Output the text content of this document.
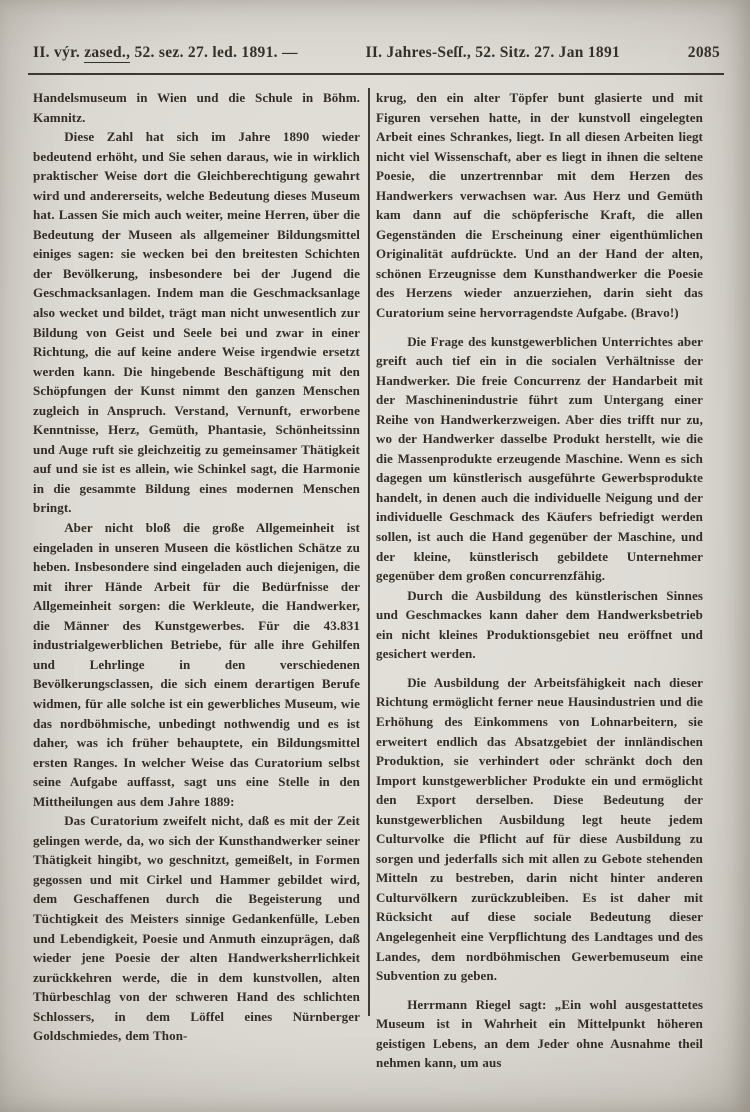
II. výr. zased., 52. sez. 27. led. 1891. —	II. Jahres-Seſſ., 52. Sitz. 27. Jan 1891	2085

Handelsmuseum in Wien und die Schule in Böhm. Kamnitz.

Diese Zahl hat sich im Jahre 1890 wieder bedeutend erhöht, und Sie sehen daraus, wie in wirklich praktischer Weise dort die Gleichberechtigung gewahrt wird und andererseits, welche Bedeutung dieses Museum hat. Lassen Sie mich auch weiter, meine Herren, über die Bedeutung der Museen als allgemeiner Bildungsmittel einiges sagen: sie wecken bei den breitesten Schichten der Bevölkerung, insbesondere bei der Jugend die Geschmacksanlagen. Indem man die Geschmacksanlage also wecket und bildet, trägt man nicht unwesentlich zur Bildung von Geist und Seele bei und zwar in einer Richtung, die auf keine andere Weise irgendwie ersetzt werden kann. Die hingebende Beschäftigung mit den Schöpfungen der Kunst nimmt den ganzen Menschen zugleich in Anspruch. Verstand, Vernunft, erworbene Kenntnisse, Herz, Gemüth, Phantasie, Schönheitssinn und Auge ruft sie gleichzeitig zu gemeinsamer Thätigkeit auf und sie ist es allein, wie Schinkel sagt, die Harmonie in die gesammte Bildung eines modernen Menschen bringt.

Aber nicht bloß die große Allgemeinheit ist eingeladen in unseren Museen die köstlichen Schätze zu heben. Insbesondere sind eingeladen auch diejenigen, die mit ihrer Hände Arbeit für die Bedürfnisse der Allgemeinheit sorgen: die Werkleute, die Handwerker, die Männer des Kunstgewerbes. Für die 43.831 industrialgewerblichen Betriebe, für alle ihre Gehilfen und Lehrlinge in den verschiedenen Bevölkerungsclassen, die sich einem derartigen Berufe widmen, für alle solche ist ein gewerbliches Museum, wie das nordböhmische, unbedingt nothwendig und es ist daher, was ich früher behauptete, ein Bildungsmittel ersten Ranges. In welcher Weise das Curatorium selbst seine Aufgabe auffasst, sagt uns eine Stelle in den Mittheilungen aus dem Jahre 1889:

Das Curatorium zweifelt nicht, daß es mit der Zeit gelingen werde, da, wo sich der Kunsthandwerker seiner Thätigkeit hingibt, wo geschnitzt, gemeißelt, in Formen gegossen und mit Cirkel und Hammer gebildet wird, dem Geschaffenen durch die Begeisterung und Tüchtigkeit des Meisters sinnige Gedankenfülle, Leben und Lebendigkeit, Poesie und Anmuth einzuprägen, daß wieder jene Poesie der alten Handwerksherrlichkeit zurückkehren werde, die in dem kunstvollen, alten Thürbeschlag von der schweren Hand des schlichten Schlossers, in dem Löffel eines Nürnberger Goldschmiedes, dem Thon-

krug, den ein alter Töpfer bunt glasierte und mit Figuren versehen hatte, in der kunstvoll eingelegten Arbeit eines Schrankes, liegt. In all diesen Arbeiten liegt nicht viel Wissenschaft, aber es liegt in ihnen die seltene Poesie, die unzertrennbar mit dem Herzen des Handwerkers verwachsen war. Aus Herz und Gemüth kam dann auf die schöpferische Kraft, die allen Gegenständen die Erscheinung einer eigenthümlichen Originalität aufdrückte. Und an der Hand der alten, schönen Erzeugnisse dem Kunsthandwerker die Poesie des Herzens wieder anzuerziehen, darin sieht das Curatorium seine hervorragendste Aufgabe. (Bravo!)

Die Frage des kunstgewerblichen Unterrichtes aber greift auch tief ein in die socialen Verhältnisse der Handwerker. Die freie Concurrenz der Handarbeit mit der Maschinenindustrie führt zum Untergang einer Reihe von Handwerkerzweigen. Aber dies trifft nur zu, wo der Handwerker dasselbe Produkt herstellt, wie die die Massenprodukte erzeugende Maschine. Wenn es sich dagegen um künstlerisch ausgeführte Gewerbsprodukte handelt, in denen auch die individuelle Neigung und der individuelle Geschmack des Käufers befriedigt werden sollen, ist auch die Hand gegenüber der Maschine, und der kleine, künstlerisch gebildete Unternehmer gegenüber dem großen concurrenzfähig.

Durch die Ausbildung des künstlerischen Sinnes und Geschmackes kann daher dem Handwerksbetrieb ein nicht kleines Produktionsgebiet neu eröffnet und gesichert werden.

Die Ausbildung der Arbeitsfähigkeit nach dieser Richtung ermöglicht ferner neue Hausindustrien und die Erhöhung des Einkommens von Lohnarbeitern, sie erweitert endlich das Absatzgebiet der innländischen Produktion, sie verhindert oder schränkt doch den Import kunstgewerblicher Produkte ein und ermöglicht den Export derselben. Diese Bedeutung der kunstgewerblichen Ausbildung legt heute jedem Culturvolke die Pflicht auf für diese Ausbildung zu sorgen und jederfalls sich mit allen zu Gebote stehenden Mitteln zu bestreben, darin nicht hinter anderen Culturvölkern zurückzubleiben. Es ist daher mit Rücksicht auf diese sociale Bedeutung dieser Angelegenheit eine Verpflichtung des Landtages und des Landes, dem nordböhmischen Gewerbemuseum eine Subvention zu geben.

Herrmann Riegel sagt: „Ein wohl ausgestattetes Museum ist in Wahrheit ein Mittelpunkt höheren geistigen Lebens, an dem Jeder ohne Ausnahme theil nehmen kann, um aus
